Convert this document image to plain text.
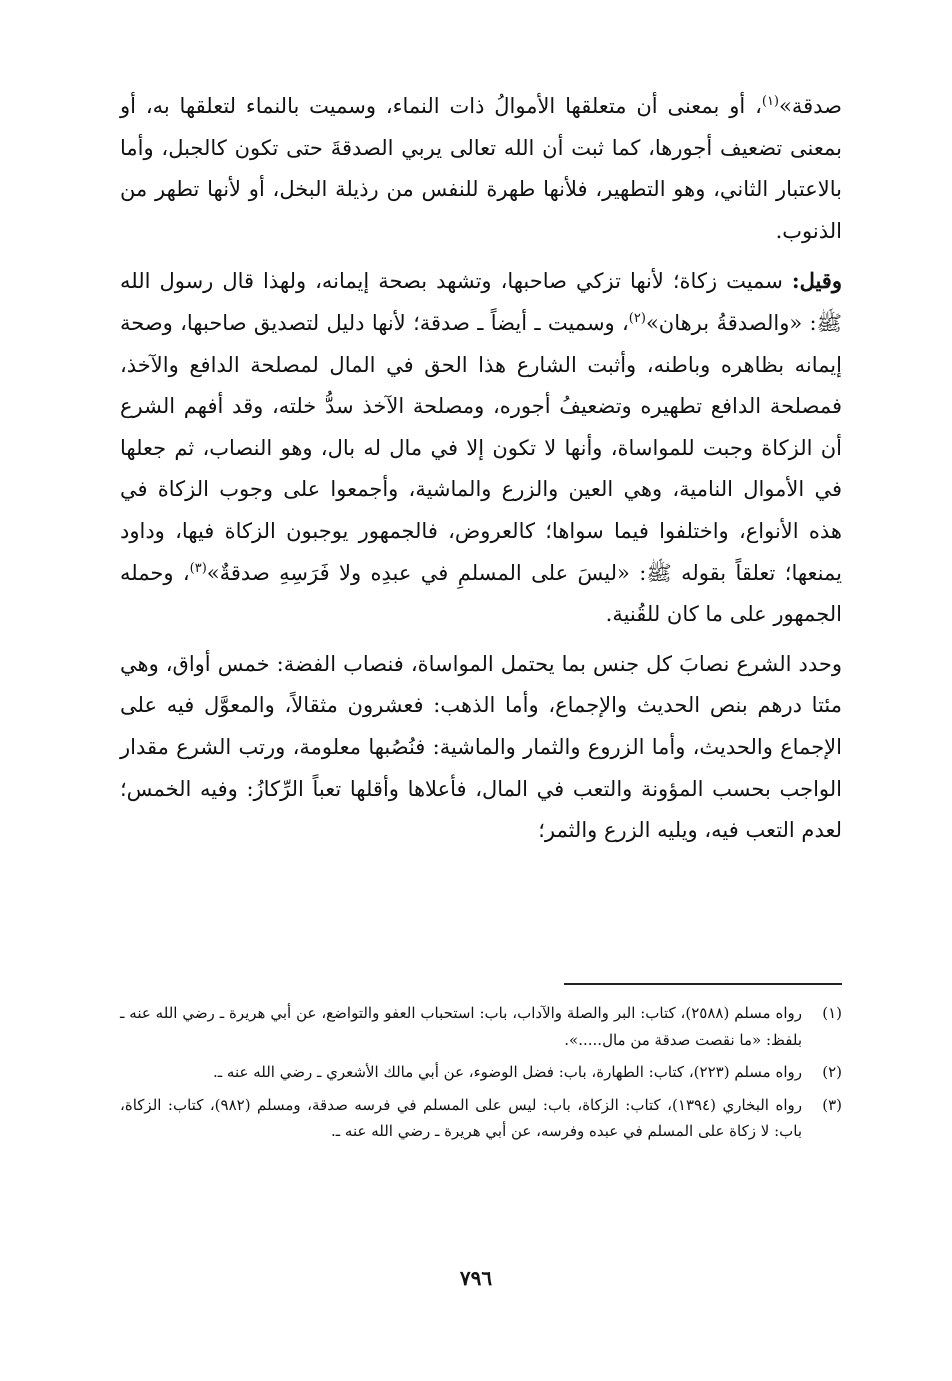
صدقة»$^{(١)}$، أو بمعنى أن متعلقها الأموالُ ذات النماء، وسميت بالنماء لتعلقها به، أو بمعنى تضعيف أجورها، كما ثبت أن الله تعالى يربي الصدقةَ حتى تكون كالجبل، وأما بالاعتبار الثاني، وهو التطهير، فلأنها طهرة للنفس من رذيلة البخل، أو لأنها تطهر من الذنوب.

وقيل: سميت زكاة؛ لأنها تزكي صاحبها، وتشهد بصحة إيمانه، ولهذا قال رسول الله ﷺ: «والصدقةُ برهان»$^{(٢)}$، وسميت ـ أيضاً ـ صدقة؛ لأنها دليل لتصديق صاحبها، وصحة إيمانه بظاهره وباطنه، وأثبت الشارع هذا الحق في المال لمصلحة الدافع والآخذ، فمصلحة الدافع تطهيره وتضعيفُ أجوره، ومصلحة الآخذ سدُّ خلته، وقد أفهم الشرع أن الزكاة وجبت للمواساة، وأنها لا تكون إلا في مال له بال، وهو النصاب، ثم جعلها في الأموال النامية، وهي العين والزرع والماشية، وأجمعوا على وجوب الزكاة في هذه الأنواع، واختلفوا فيما سواها؛ كالعروض، فالجمهور يوجبون الزكاة فيها، وداود يمنعها؛ تعلقاً بقوله ﷺ: «ليسَ على المسلمِ في عبدِه ولا فَرَسِهِ صدقةٌ»$^{(٣)}$، وحمله الجمهور على ما كان للقُنية.

وحدد الشرع نصابَ كل جنس بما يحتمل المواساة، فنصاب الفضة: خمس أواق، وهي مئتا درهم بنص الحديث والإجماع، وأما الذهب: فعشرون مثقالاً، والمعوَّل فيه على الإجماع والحديث، وأما الزروع والثمار والماشية: فنُصُبها معلومة، ورتب الشرع مقدار الواجب بحسب المؤونة والتعب في المال، فأعلاها وأقلها تعباً الرِّكازُ: وفيه الخمس؛ لعدم التعب فيه، ويليه الزرع والثمر؛

(١)
رواه مسلم (٢٥٨٨)، كتاب: البر والصلة والآداب، باب: استحباب العفو والتواضع، عن أبي هريرة ـ رضي الله عنه ـ بلفظ: «ما نقصت صدقة من مال.....».
(٢)
رواه مسلم (٢٢٣)، كتاب: الطهارة، باب: فضل الوضوء، عن أبي مالك الأشعري ـ رضي الله عنه ـ.
(٣)
رواه البخاري (١٣٩٤)، كتاب: الزكاة، باب: ليس على المسلم في فرسه صدقة، ومسلم (٩٨٢)، كتاب: الزكاة، باب: لا زكاة على المسلم في عبده وفرسه، عن أبي هريرة ـ رضي الله عنه ـ.
٧٩٦
